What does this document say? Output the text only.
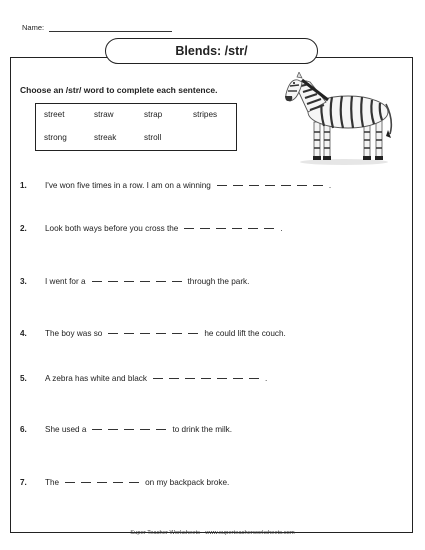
Name:
Blends: /str/
Choose an /str/ word to complete each sentence.
street	straw	strap	stripes
strong	streak	stroll
1.	I've won five times in a row. I am on a winning	.
2.	Look both ways before you cross the	.
3.	I went for a	through the park.
4.	The boy was so	he could lift the couch.
5.	A zebra has white and black	.
6.	She used a	to drink the milk.
7.	The	on my backpack broke.
Super Teacher Worksheets - www.superteacherworksheets.com
